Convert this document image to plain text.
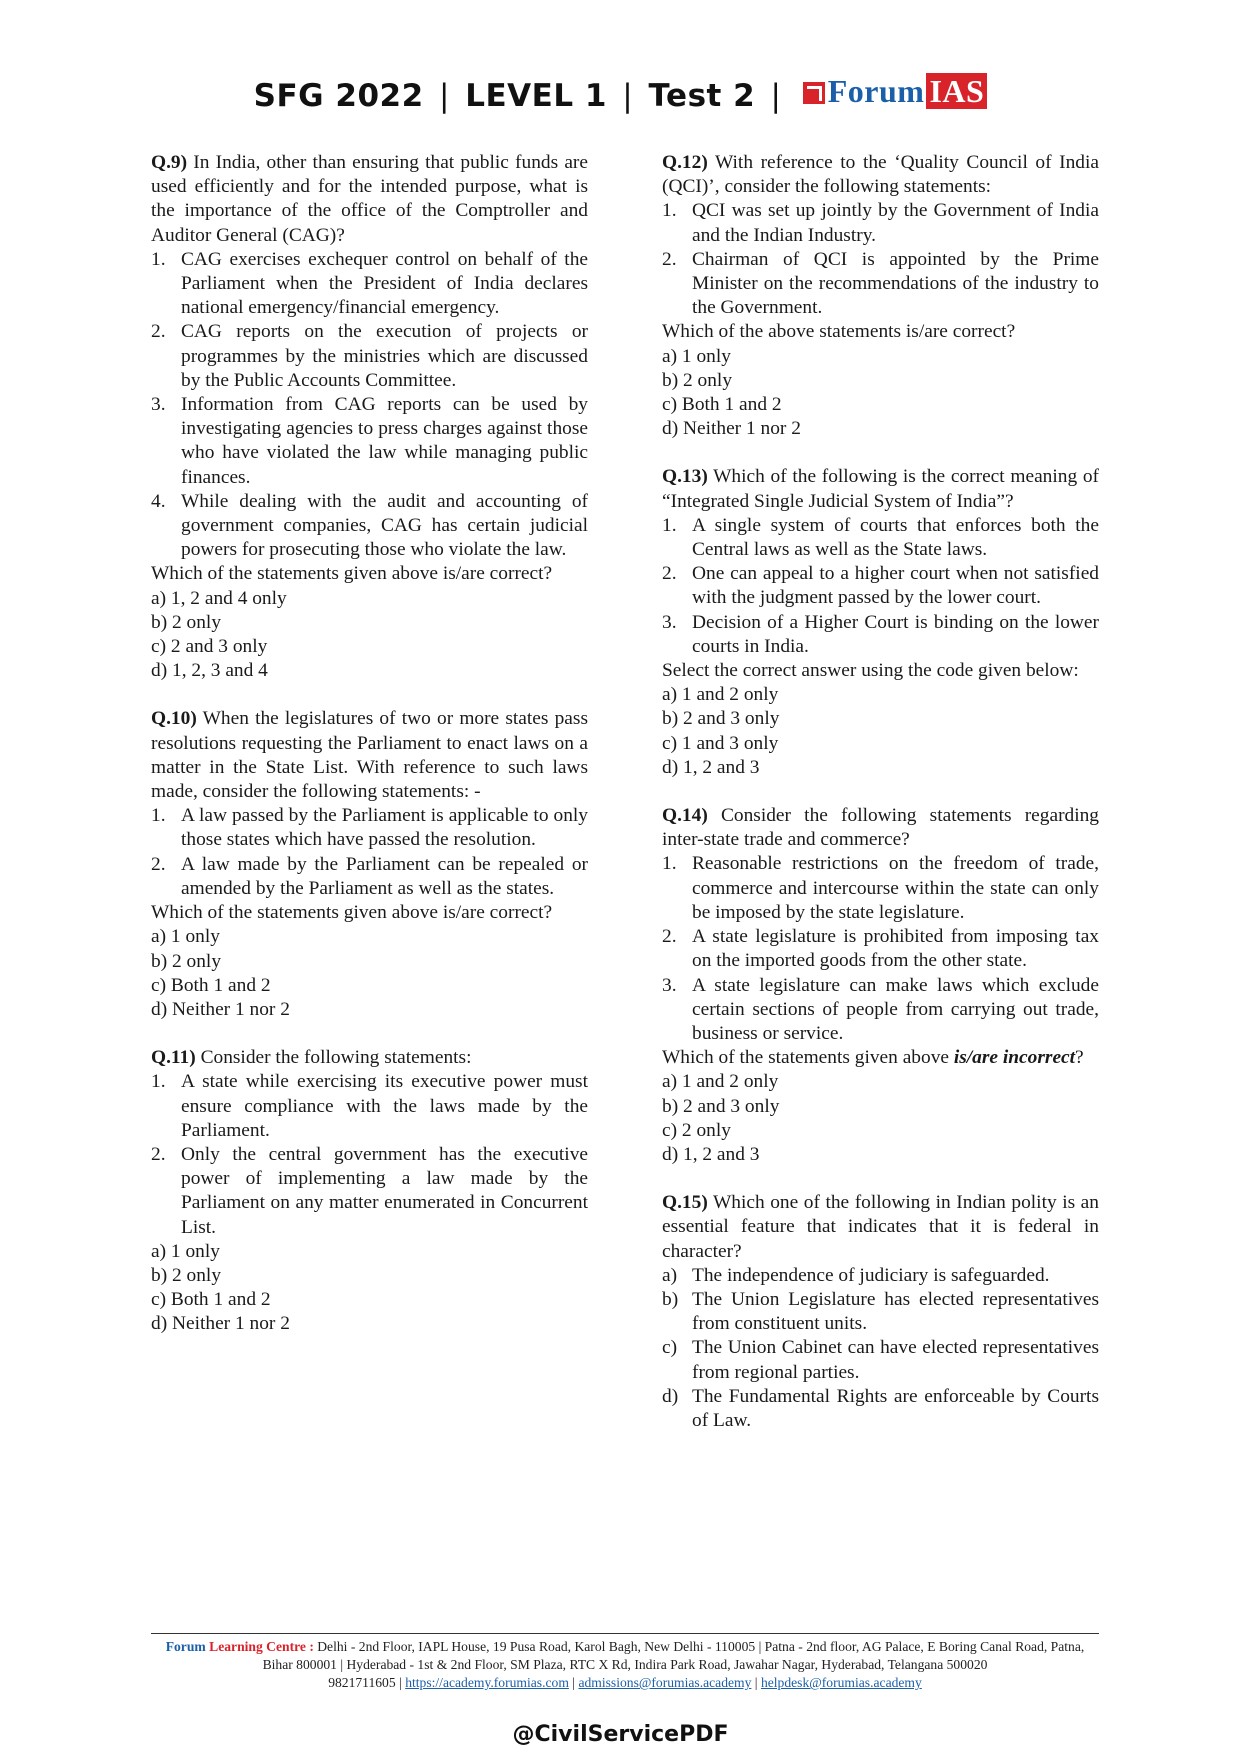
SFG 2022 | LEVEL 1 | Test 2 | Forum IAS
Q.9) In India, other than ensuring that public funds are used efficiently and for the intended purpose, what is the importance of the office of the Comptroller and Auditor General (CAG)?
1. CAG exercises exchequer control on behalf of the Parliament when the President of India declares national emergency/financial emergency.
2. CAG reports on the execution of projects or programmes by the ministries which are discussed by the Public Accounts Committee.
3. Information from CAG reports can be used by investigating agencies to press charges against those who have violated the law while managing public finances.
4. While dealing with the audit and accounting of government companies, CAG has certain judicial powers for prosecuting those who violate the law.
Which of the statements given above is/are correct?
a) 1, 2 and 4 only
b) 2 only
c) 2 and 3 only
d) 1, 2, 3 and 4
Q.10) When the legislatures of two or more states pass resolutions requesting the Parliament to enact laws on a matter in the State List. With reference to such laws made, consider the following statements: -
1. A law passed by the Parliament is applicable to only those states which have passed the resolution.
2. A law made by the Parliament can be repealed or amended by the Parliament as well as the states.
Which of the statements given above is/are correct?
a) 1 only
b) 2 only
c) Both 1 and 2
d) Neither 1 nor 2
Q.11) Consider the following statements:
1. A state while exercising its executive power must ensure compliance with the laws made by the Parliament.
2. Only the central government has the executive power of implementing a law made by the Parliament on any matter enumerated in Concurrent List.
a) 1 only
b) 2 only
c) Both 1 and 2
d) Neither 1 nor 2
Q.12) With reference to the ‘Quality Council of India (QCI)’, consider the following statements:
1. QCI was set up jointly by the Government of India and the Indian Industry.
2. Chairman of QCI is appointed by the Prime Minister on the recommendations of the industry to the Government.
Which of the above statements is/are correct?
a) 1 only
b) 2 only
c) Both 1 and 2
d) Neither 1 nor 2
Q.13) Which of the following is the correct meaning of “Integrated Single Judicial System of India”?
1. A single system of courts that enforces both the Central laws as well as the State laws.
2. One can appeal to a higher court when not satisfied with the judgment passed by the lower court.
3. Decision of a Higher Court is binding on the lower courts in India.
Select the correct answer using the code given below:
a) 1 and 2 only
b) 2 and 3 only
c) 1 and 3 only
d) 1, 2 and 3
Q.14) Consider the following statements regarding inter-state trade and commerce?
1. Reasonable restrictions on the freedom of trade, commerce and intercourse within the state can only be imposed by the state legislature.
2. A state legislature is prohibited from imposing tax on the imported goods from the other state.
3. A state legislature can make laws which exclude certain sections of people from carrying out trade, business or service.
Which of the statements given above is/are incorrect?
a) 1 and 2 only
b) 2 and 3 only
c) 2 only
d) 1, 2 and 3
Q.15) Which one of the following in Indian polity is an essential feature that indicates that it is federal in character?
a) The independence of judiciary is safeguarded.
b) The Union Legislature has elected representatives from constituent units.
c) The Union Cabinet can have elected representatives from regional parties.
d) The Fundamental Rights are enforceable by Courts of Law.
Forum Learning Centre : Delhi - 2nd Floor, IAPL House, 19 Pusa Road, Karol Bagh, New Delhi - 110005 | Patna - 2nd floor, AG Palace, E Boring Canal Road, Patna, Bihar 800001 | Hyderabad - 1st & 2nd Floor, SM Plaza, RTC X Rd, Indira Park Road, Jawahar Nagar, Hyderabad, Telangana 500020
9821711605 | https://academy.forumias.com | admissions@forumias.academy | helpdesk@forumias.academy
@CivilServicePDF
